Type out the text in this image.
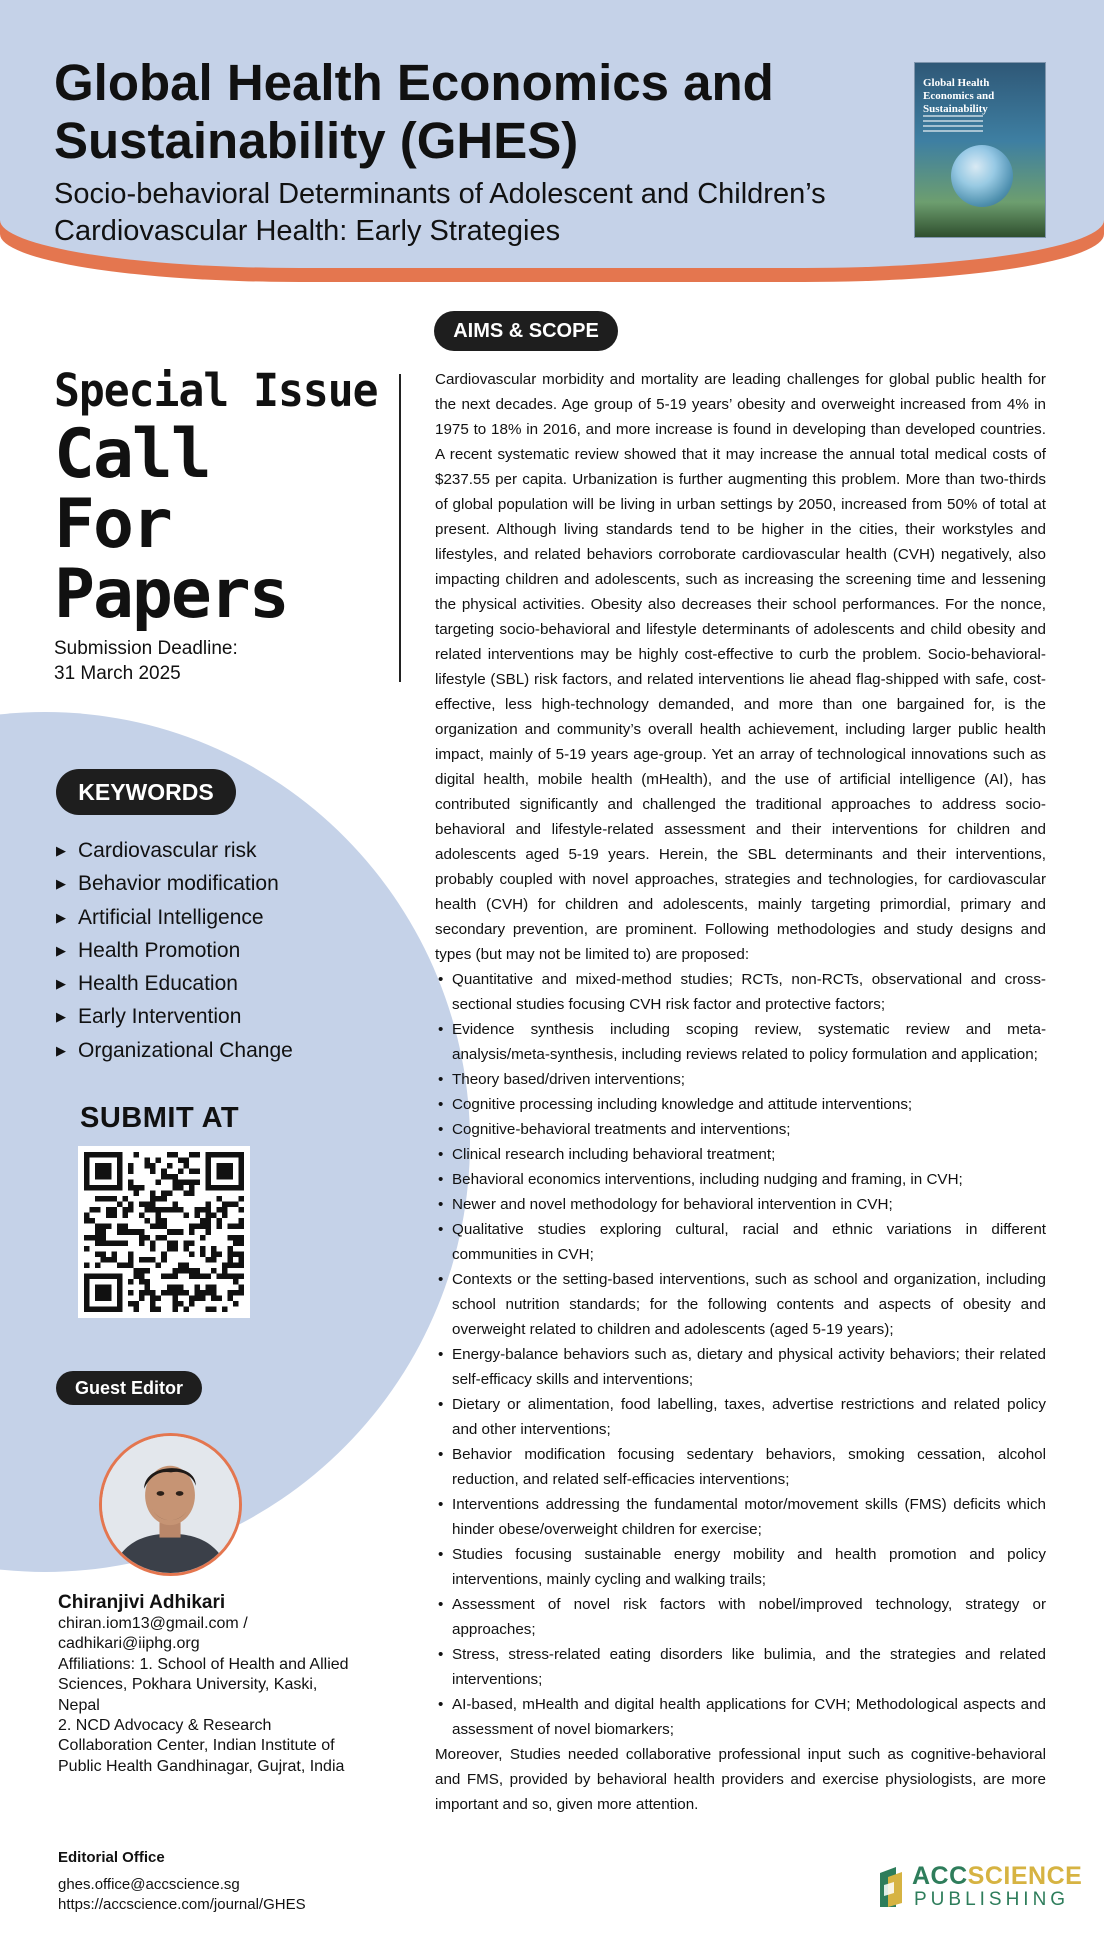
Global Health Economics and Sustainability (GHES)
Socio-behavioral Determinants of Adolescent and Children’s Cardiovascular Health: Early Strategies
Global Health Economics and Sustainability
Special Issue
Call
For
Papers
Submission Deadline:
31 March 2025
AIMS & SCOPE
KEYWORDS
▶ Cardiovascular risk
▶ Behavior modification
▶ Artificial Intelligence
▶ Health Promotion
▶ Health Education
▶ Early Intervention
▶ Organizational Change
SUBMIT AT
Guest Editor
Chiranjivi Adhikari
chiran.iom13@gmail.com /
cadhikari@iiphg.org
Affiliations: 1. School of Health and Allied Sciences, Pokhara University, Kaski, Nepal
2. NCD Advocacy & Research Collaboration Center, Indian Institute of Public Health Gandhinagar, Gujrat, India
Editorial Office
ghes.office@accscience.sg
https://accscience.com/journal/GHES
ACCSCIENCE
PUBLISHING

Cardiovascular morbidity and mortality are leading challenges for global public health for the next decades. Age group of 5-19 years’ obesity and overweight increased from 4% in 1975 to 18% in 2016, and more increase is found in developing than developed countries. A recent systematic review showed that it may increase the annual total medical costs of $237.55 per capita. Urbanization is further augmenting this problem. More than two-thirds of global population will be living in urban settings by 2050, increased from 50% of total at present. Although living standards tend to be higher in the cities, their workstyles and lifestyles, and related behaviors corroborate cardiovascular health (CVH) negatively, also impacting children and adolescents, such as increasing the screening time and lessening the physical activities. Obesity also decreases their school performances. For the nonce, targeting socio-behavioral and lifestyle determinants of adolescents and child obesity and related interventions may be highly cost-effective to curb the problem. Socio-behavioral-lifestyle (SBL) risk factors, and related interventions lie ahead flag-shipped with safe, cost-effective, less high-technology demanded, and more than one bargained for, is the organization and community’s overall health achievement, including larger public health impact, mainly of 5-19 years age-group. Yet an array of technological innovations such as digital health, mobile health (mHealth), and the use of artificial intelligence (AI), has contributed significantly and challenged the traditional approaches to address socio-behavioral and lifestyle-related assessment and their interventions for children and adolescents aged 5-19 years. Herein, the SBL determinants and their interventions, probably coupled with novel approaches, strategies and technologies, for cardiovascular health (CVH) for children and adolescents, mainly targeting primordial, primary and secondary prevention, are prominent. Following methodologies and study designs and types (but may not be limited to) are proposed:

• Quantitative and mixed-method studies; RCTs, non-RCTs, observational and cross-sectional studies focusing CVH risk factor and protective factors;
• Evidence synthesis including scoping review, systematic review and meta-analysis/meta-synthesis, including reviews related to policy formulation and application;
• Theory based/driven interventions;
• Cognitive processing including knowledge and attitude interventions;
• Cognitive-behavioral treatments and interventions;
• Clinical research including behavioral treatment;
• Behavioral economics interventions, including nudging and framing, in CVH;
• Newer and novel methodology for behavioral intervention in CVH;
• Qualitative studies exploring cultural, racial and ethnic variations in different communities in CVH;
• Contexts or the setting-based interventions, such as school and organization, including school nutrition standards; for the following contents and aspects of obesity and overweight related to children and adolescents (aged 5-19 years);
• Energy-balance behaviors such as, dietary and physical activity behaviors; their related self-efficacy skills and interventions;
• Dietary or alimentation, food labelling, taxes, advertise restrictions and related policy and other interventions;
• Behavior modification focusing sedentary behaviors, smoking cessation, alcohol reduction, and related self-efficacies interventions;
• Interventions addressing the fundamental motor/movement skills (FMS) deficits which hinder obese/overweight children for exercise;
• Studies focusing sustainable energy mobility and health promotion and policy interventions, mainly cycling and walking trails;
• Assessment of novel risk factors with nobel/improved technology, strategy or approaches;
• Stress, stress-related eating disorders like bulimia, and the strategies and related interventions;
• AI-based, mHealth and digital health applications for CVH; Methodological aspects and assessment of novel biomarkers;

Moreover, Studies needed collaborative professional input such as cognitive-behavioral and FMS, provided by behavioral health providers and exercise physiologists, are more important and so, given more attention.
